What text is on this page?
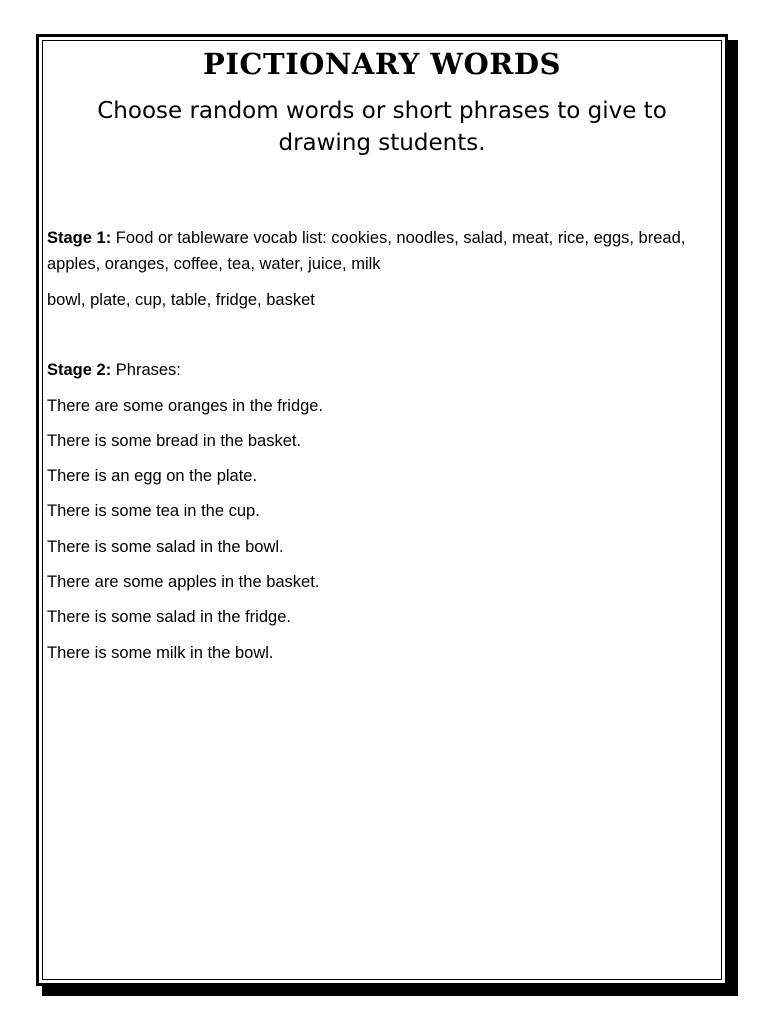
PICTIONARY WORDS

Choose random words or short phrases to give to drawing students.

Stage 1: Food or tableware vocab list: cookies, noodles, salad, meat, rice, eggs, bread, apples, oranges, coffee, tea, water, juice, milk

bowl, plate, cup, table, fridge, basket

Stage 2: Phrases:

There are some oranges in the fridge.

There is some bread in the basket.

There is an egg on the plate.

There is some tea in the cup.

There is some salad in the bowl.

There are some apples in the basket.

There is some salad in the fridge.

There is some milk in the bowl.
